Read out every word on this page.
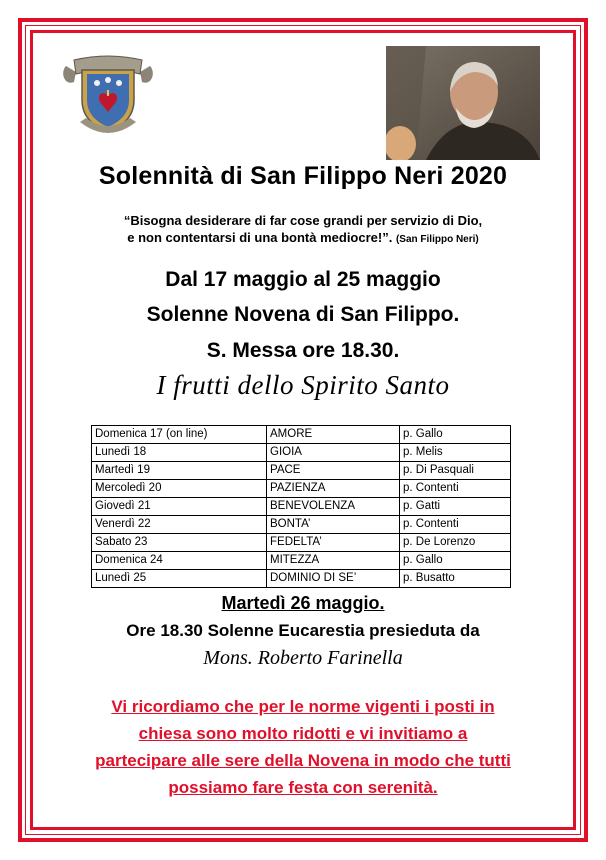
Solennità di San Filippo Neri 2020
“Bisogna desiderare di far cose grandi per servizio di Dio,
e non contentarsi di una bontà mediocre!”. (San Filippo Neri)
Dal 17 maggio al 25 maggio
Solenne Novena di San Filippo.
S. Messa ore 18.30.
I frutti dello Spirito Santo
Domenica 17 (on line)	AMORE	p. Gallo
Lunedì 18	GIOIA	p. Melis
Martedì 19	PACE	p. Di Pasquali
Mercoledì 20	PAZIENZA	p. Contenti
Giovedì 21	BENEVOLENZA	p. Gatti
Venerdì 22	BONTA’	p. Contenti
Sabato 23	FEDELTA’	p. De Lorenzo
Domenica 24	MITEZZA	p. Gallo
Lunedì 25	DOMINIO DI SE’	p. Busatto
Martedì 26 maggio.
Ore 18.30 Solenne Eucarestia presieduta da
Mons. Roberto Farinella
Vi ricordiamo che per le norme vigenti i posti in
chiesa sono molto ridotti e vi invitiamo a
partecipare alle sere della Novena in modo che tutti
possiamo fare festa con serenità.
